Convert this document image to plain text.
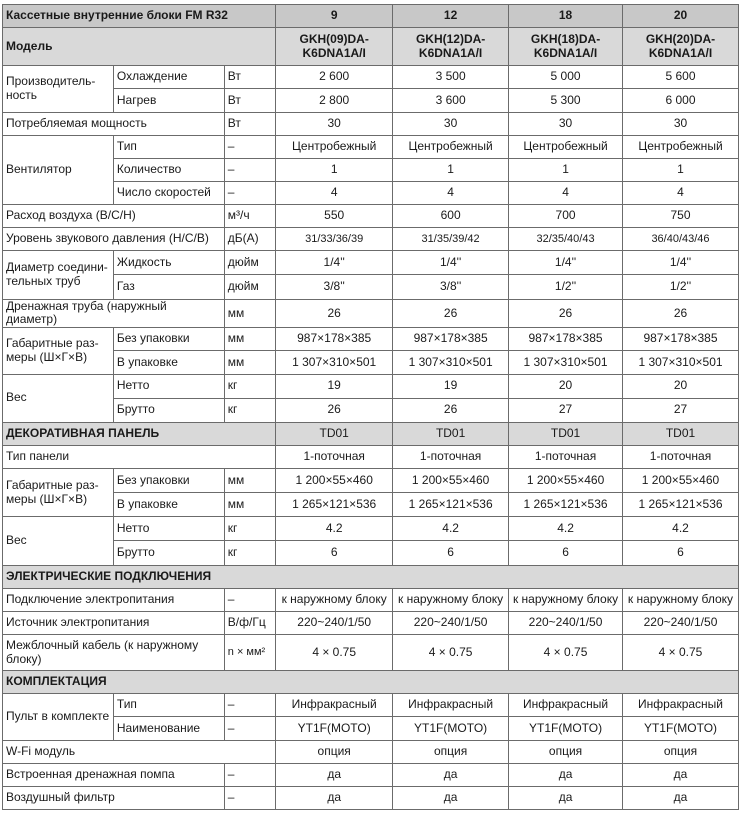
Кассетные внутренние блоки FM R32			9	12	18	20
Модель			GKH(09)DA-K6DNA1A/I	GKH(12)DA-K6DNA1A/I	GKH(18)DA-K6DNA1A/I	GKH(20)DA-K6DNA1A/I
Производитель-ность	Охлаждение	Вт	2 600	3 500	5 000	5 600
	Нагрев	Вт	2 800	3 600	5 300	6 000
Потребляемая мощность		Вт	30	30	30	30
Вентилятор	Тип	–	Центробежный	Центробежный	Центробежный	Центробежный
	Количество	–	1	1	1	1
	Число скоростей	–	4	4	4	4
Расход воздуха (В/С/Н)		м³/ч	550	600	700	750
Уровень звукового давления (Н/С/В)		дБ(А)	31/33/36/39	31/35/39/42	32/35/40/43	36/40/43/46
Диаметр соедини-тельных труб	Жидкость	дюйм	1/4''	1/4''	1/4''	1/4''
	Газ	дюйм	3/8''	3/8''	1/2''	1/2''
Дренажная труба (наружный диаметр)		мм	26	26	26	26
Габаритные раз-меры (Ш×Г×В)	Без упаковки	мм	987×178×385	987×178×385	987×178×385	987×178×385
	В упаковке	мм	1 307×310×501	1 307×310×501	1 307×310×501	1 307×310×501
Вес	Нетто	кг	19	19	20	20
	Брутто	кг	26	26	27	27
ДЕКОРАТИВНАЯ ПАНЕЛЬ			TD01	TD01	TD01	TD01
Тип панели			1-поточная	1-поточная	1-поточная	1-поточная
Габаритные раз-меры (Ш×Г×В)	Без упаковки	мм	1 200×55×460	1 200×55×460	1 200×55×460	1 200×55×460
	В упаковке	мм	1 265×121×536	1 265×121×536	1 265×121×536	1 265×121×536
Вес	Нетто	кг	4.2	4.2	4.2	4.2
	Брутто	кг	6	6	6	6
ЭЛЕКТРИЧЕСКИЕ ПОДКЛЮЧЕНИЯ						
Подключение электропитания		–	к наружному блоку	к наружному блоку	к наружному блоку	к наружному блоку
Источник электропитания		В/ф/Гц	220~240/1/50	220~240/1/50	220~240/1/50	220~240/1/50
Межблочный кабель (к наружному блоку)		n × мм²	4 × 0.75	4 × 0.75	4 × 0.75	4 × 0.75
КОМПЛЕКТАЦИЯ						
Пульт в комплекте	Тип	–	Инфракрасный	Инфракрасный	Инфракрасный	Инфракрасный
	Наименование	–	YT1F(MOTO)	YT1F(MOTO)	YT1F(MOTO)	YT1F(MOTO)
W-Fi модуль			опция	опция	опция	опция
Встроенная дренажная помпа		–	да	да	да	да
Воздушный фильтр		–	да	да	да	да
